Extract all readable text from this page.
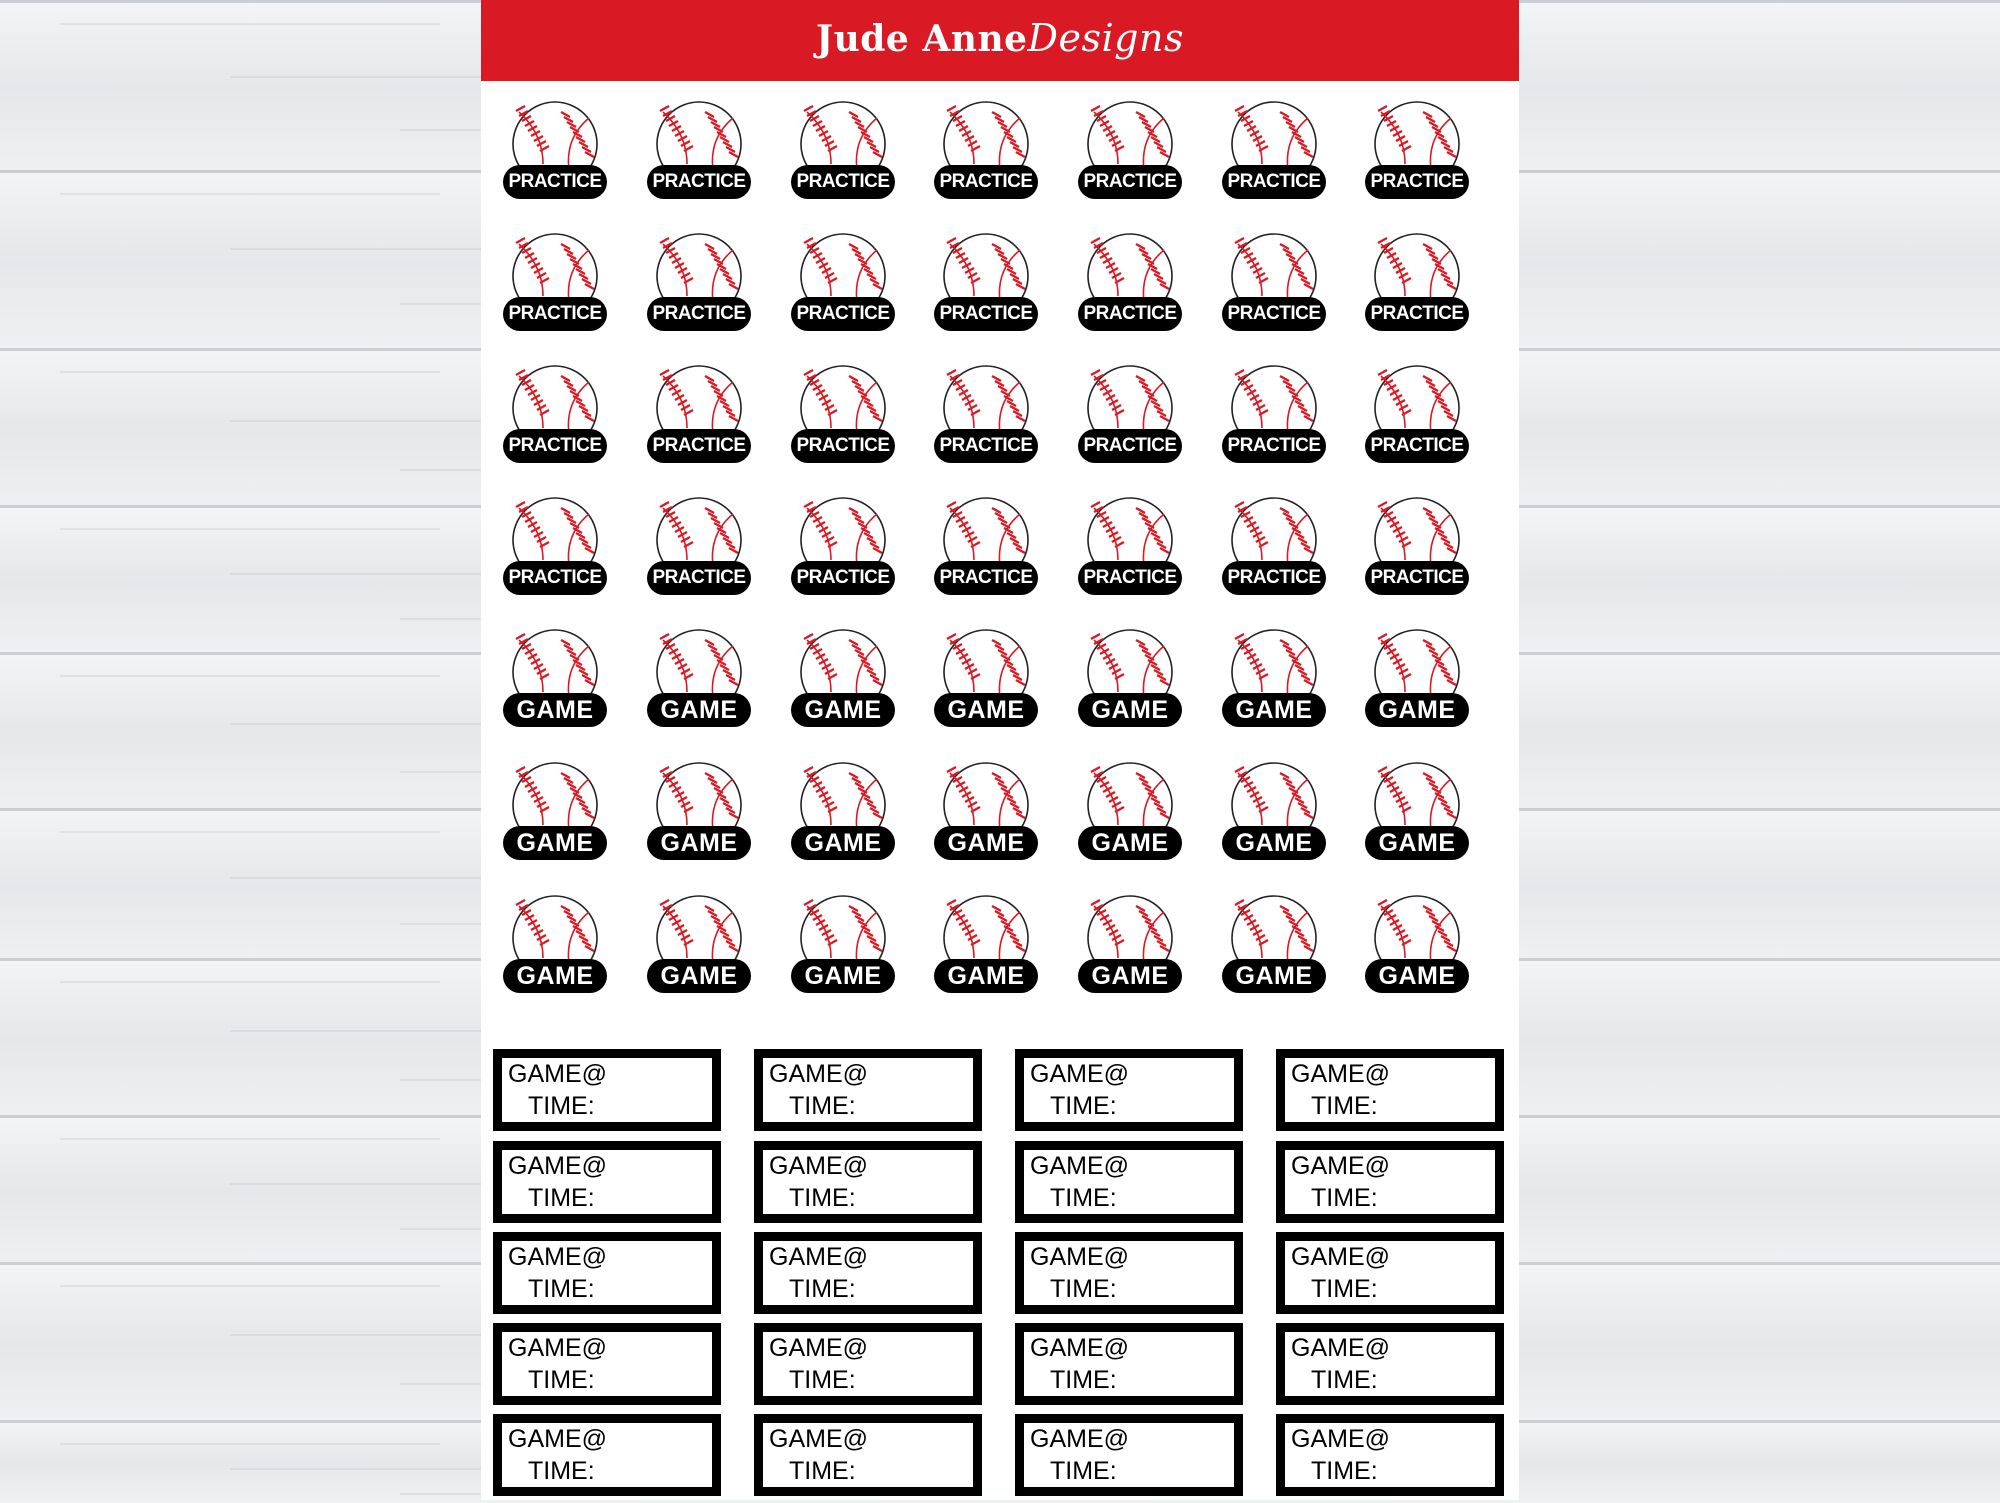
Jude AnneDesigns
PRACTICE	PRACTICE	PRACTICE	PRACTICE	PRACTICE	PRACTICE	PRACTICE
PRACTICE	PRACTICE	PRACTICE	PRACTICE	PRACTICE	PRACTICE	PRACTICE
PRACTICE	PRACTICE	PRACTICE	PRACTICE	PRACTICE	PRACTICE	PRACTICE
PRACTICE	PRACTICE	PRACTICE	PRACTICE	PRACTICE	PRACTICE	PRACTICE
GAME	GAME	GAME	GAME	GAME	GAME	GAME
GAME	GAME	GAME	GAME	GAME	GAME	GAME
GAME	GAME	GAME	GAME	GAME	GAME	GAME
GAME@
TIME:
GAME@
TIME:
GAME@
TIME:
GAME@
TIME:
GAME@
TIME:
GAME@
TIME:
GAME@
TIME:
GAME@
TIME:
GAME@
TIME:
GAME@
TIME:
GAME@
TIME:
GAME@
TIME:
GAME@
TIME:
GAME@
TIME:
GAME@
TIME:
GAME@
TIME:
GAME@
TIME:
GAME@
TIME:
GAME@
TIME:
GAME@
TIME:
